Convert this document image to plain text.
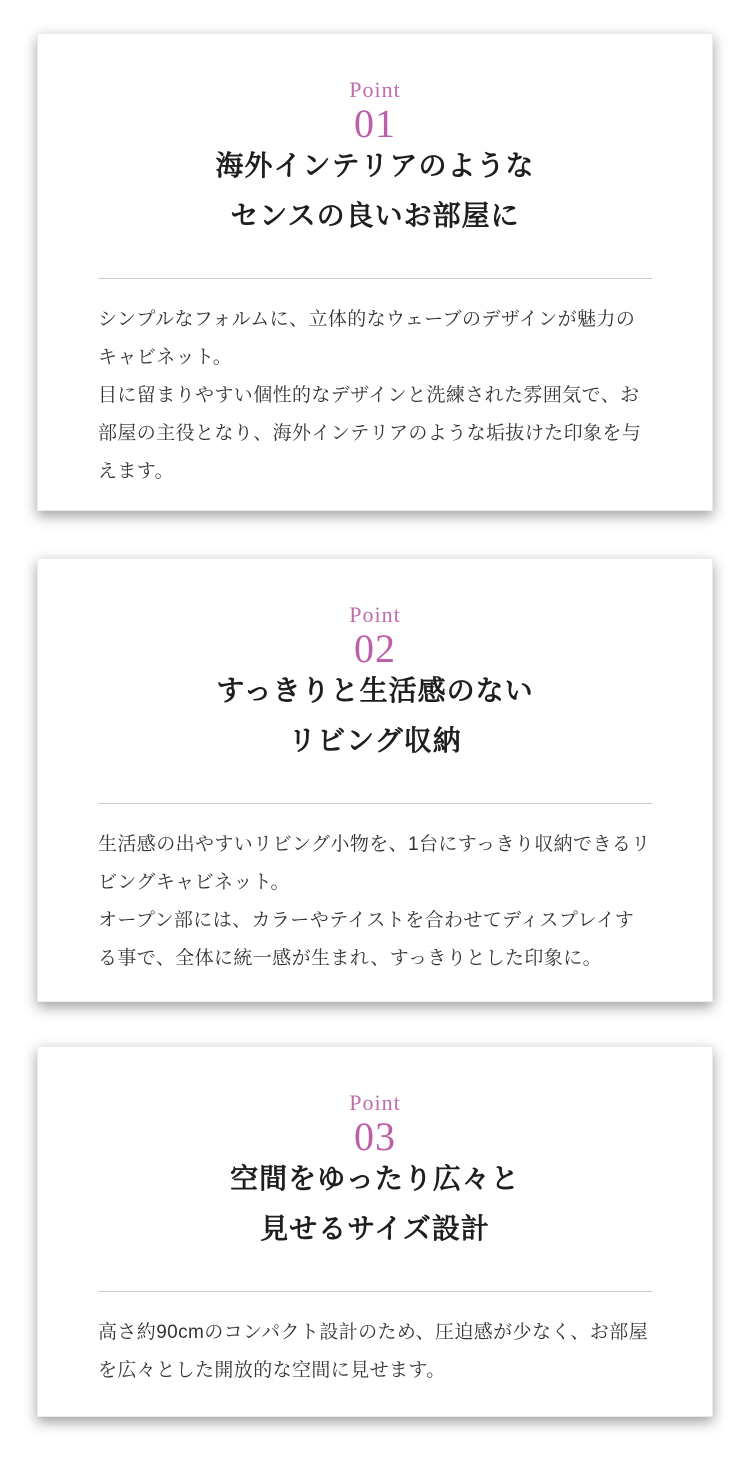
Point
01
海外インテリアのような
センスの良いお部屋に

シンプルなフォルムに、立体的なウェーブのデザインが魅力のキャビネット。

目に留まりやすい個性的なデザインと洗練された雰囲気で、お部屋の主役となり、海外インテリアのような垢抜けた印象を与えます。

Point
02
すっきりと生活感のない
リビング収納

生活感の出やすいリビング小物を、1台にすっきり収納できるリビングキャビネット。

オープン部には、カラーやテイストを合わせてディスプレイする事で、全体に統一感が生まれ、すっきりとした印象に。

Point
03
空間をゆったり広々と
見せるサイズ設計

高さ約90cmのコンパクト設計のため、圧迫感が少なく、お部屋を広々とした開放的な空間に見せます。
